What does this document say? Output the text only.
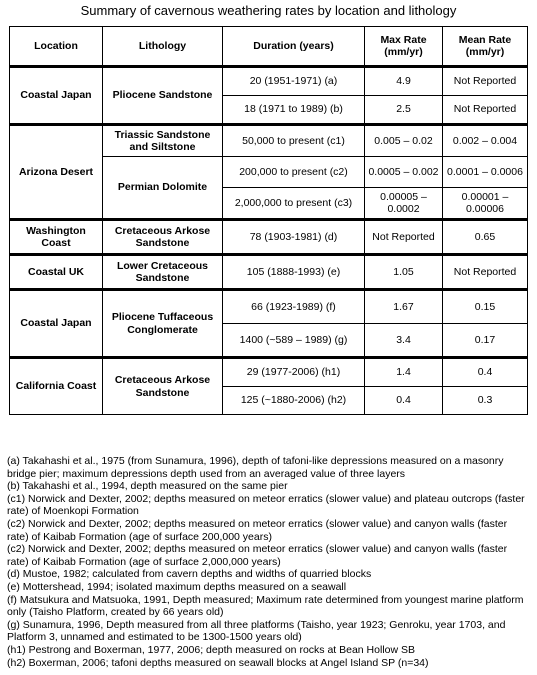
Summary of cavernous weathering rates by location and lithology
Location	Lithology	Duration (years)	Max Rate (mm/yr)	Mean Rate (mm/yr)
Coastal Japan	Pliocene Sandstone	20 (1951-1971) (a)	4.9	Not Reported
		18 (1971 to 1989) (b)	2.5	Not Reported
Arizona Desert	Triassic Sandstone and Siltstone	50,000 to present (c1)	0.005 – 0.02	0.002 – 0.004
	Permian Dolomite	200,000 to present (c2)	0.0005 – 0.002	0.0001 – 0.0006
		2,000,000 to present (c3)	0.00005 – 0.0002	0.00001 – 0.00006
Washington Coast	Cretaceous Arkose Sandstone	78 (1903-1981) (d)	Not Reported	0.65
Coastal UK	Lower Cretaceous Sandstone	105 (1888-1993) (e)	1.05	Not Reported
Coastal Japan	Pliocene Tuffaceous Conglomerate	66 (1923-1989) (f)	1.67	0.15
		1400 (~589 – 1989) (g)	3.4	0.17
California Coast	Cretaceous Arkose Sandstone	29 (1977-2006) (h1)	1.4	0.4
		125 (~1880-2006) (h2)	0.4	0.3
(a) Takahashi et al., 1975 (from Sunamura, 1996), depth of tafoni-like depressions measured on a masonry bridge pier; maximum depressions depth used from an averaged value of three layers
(b) Takahashi et al., 1994, depth measured on the same pier
(c1) Norwick and Dexter, 2002; depths measured on meteor erratics (slower value) and plateau outcrops (faster rate) of Moenkopi Formation
(c2) Norwick and Dexter, 2002; depths measured on meteor erratics (slower value) and canyon walls (faster rate) of Kaibab Formation (age of surface 200,000 years)
(c2) Norwick and Dexter, 2002; depths measured on meteor erratics (slower value) and canyon walls (faster rate) of Kaibab Formation (age of surface 2,000,000 years)
(d) Mustoe, 1982; calculated from cavern depths and widths of quarried blocks
(e) Mottershead, 1994; isolated maximum depths measured on a seawall
(f) Matsukura and Matsuoka, 1991, Depth measured; Maximum rate determined from youngest marine platform only (Taisho Platform, created by 66 years old)
(g) Sunamura, 1996, Depth measured from all three platforms (Taisho, year 1923; Genroku, year 1703, and Platform 3, unnamed and estimated to be 1300-1500 years old)
(h1) Pestrong and Boxerman, 1977, 2006; depth measured on rocks at Bean Hollow SB
(h2) Boxerman, 2006; tafoni depths measured on seawall blocks at Angel Island SP (n=34)
